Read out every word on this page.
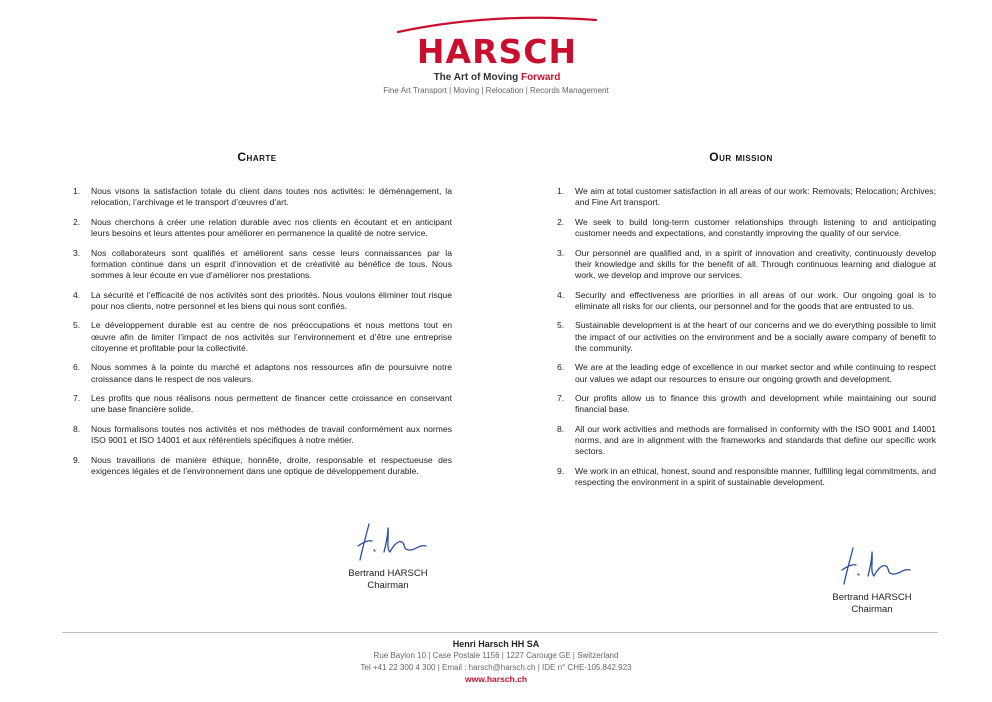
HARSCH
The Art of Moving Forward
Fine Art Transport | Moving | Relocation | Records Management
Charte
1. Nous visons la satisfaction totale du client dans toutes nos activités: le déménagement, la relocation, l’archivage et le transport d’œuvres d’art.
2. Nous cherchons à créer une relation durable avec nos clients en écoutant et en anticipant leurs besoins et leurs attentes pour améliorer en permanence la qualité de notre service.
3. Nos collaborateurs sont qualifiés et améliorent sans cesse leurs connaissances par la formation continue dans un esprit d’innovation et de créativité au bénéfice de tous. Nous sommes à leur écoute en vue d’améliorer nos prestations.
4. La sécurité et l’efficacité de nos activités sont des priorités. Nous voulons éliminer tout risque pour nos clients, notre personnel et les biens qui nous sont confiés.
5. Le développement durable est au centre de nos préoccupations et nous mettons tout en œuvre afin de limiter l’impact de nos activités sur l’environnement et d’être une entreprise citoyenne et profitable pour la collectivité.
6. Nous sommes à la pointe du marché et adaptons nos ressources afin de poursuivre notre croissance dans le respect de nos valeurs.
7. Les profits que nous réalisons nous permettent de financer cette croissance en conservant une base financière solide.
8. Nous formalisons toutes nos activités et nos méthodes de travail conformément aux normes ISO 9001 et ISO 14001 et aux référentiels spécifiques à notre métier.
9. Nous travaillons de manière éthique, honnête, droite, responsable et respectueuse des exigences légales et de l’environnement dans une optique de développement durable.
Our mission
1. We aim at total customer satisfaction in all areas of our work: Removals; Relocation; Archives; and Fine Art transport.
2. We seek to build long-term customer relationships through listening to and anticipating customer needs and expectations, and constantly improving the quality of our service.
3. Our personnel are qualified and, in a spirit of innovation and creativity, continuously develop their knowledge and skills for the benefit of all. Through continuous learning and dialogue at work, we develop and improve our services.
4. Security and effectiveness are priorities in all areas of our work. Our ongoing goal is to eliminate all risks for our clients, our personnel and for the goods that are entrusted to us.
5. Sustainable development is at the heart of our concerns and we do everything possible to limit the impact of our activities on the environment and be a socially aware company of benefit to the community.
6. We are at the leading edge of excellence in our market sector and while continuing to respect our values we adapt our resources to ensure our ongoing growth and development.
7. Our profits allow us to finance this growth and development while maintaining our sound financial base.
8. All our work activities and methods are formalised in conformity with the ISO 9001 and 14001 norms, and are in alignment with the frameworks and standards that define our specific work sectors.
9. We work in an ethical, honest, sound and responsible manner, fulfilling legal commitments, and respecting the environment in a spirit of sustainable development.
Bertrand HARSCH
Chairman
Bertrand HARSCH
Chairman
Henri Harsch HH SA
Rue Baylon 10 | Case Postale 1156 | 1227 Carouge GE | Switzerland
Tel +41 22 300 4 300 | Email : harsch@harsch.ch | IDE n° CHE-105.842.923
www.harsch.ch
